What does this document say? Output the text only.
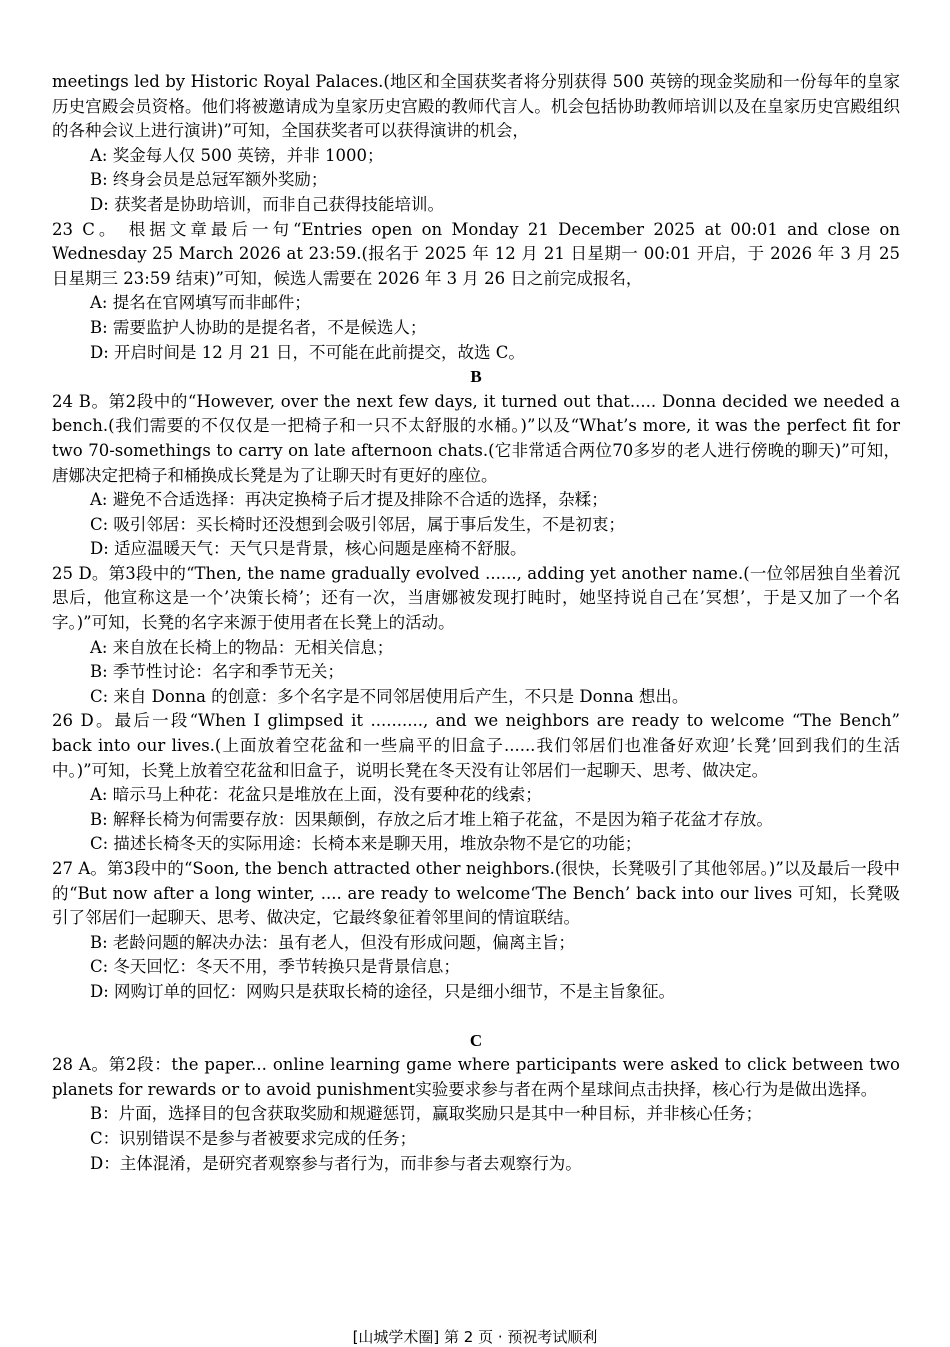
meetings led by Historic Royal Palaces.(地区和全国获奖者将分别获得 500 英镑的现金奖励和一份每年的皇家历史宫殿会员资格。他们将被邀请成为皇家历史宫殿的教师代言人。机会包括协助教师培训以及在皇家历史宫殿组织的各种会议上进行演讲)”可知，全国获奖者可以获得演讲的机会，

A: 奖金每人仅 500 英镑，并非 1000；

B: 终身会员是总冠军额外奖励；

D: 获奖者是协助培训，而非自己获得技能培训。

23 C。 根据文章最后一句“Entries open on Monday 21 December 2025 at 00:01 and close on Wednesday 25 March 2026 at 23:59.(报名于 2025 年 12 月 21 日星期一 00:01 开启，于 2026 年 3 月 25 日星期三 23:59 结束)”可知，候选人需要在 2026 年 3 月 26 日之前完成报名，

A: 提名在官网填写而非邮件；

B: 需要监护人协助的是提名者，不是候选人；

D: 开启时间是 12 月 21 日，不可能在此前提交，故选 C。

B

24 B。第2段中的“However, over the next few days, it turned out that..... Donna decided we needed a bench.(我们需要的不仅仅是一把椅子和一只不太舒服的水桶。)”以及“What’s more, it was the perfect fit for two 70-somethings to carry on late afternoon chats.(它非常适合两位70多岁的老人进行傍晚的聊天)”可知，唐娜决定把椅子和桶换成长凳是为了让聊天时有更好的座位。

A: 避免不合适选择：再决定换椅子后才提及排除不合适的选择，杂糅；

C: 吸引邻居：买长椅时还没想到会吸引邻居，属于事后发生，不是初衷；

D: 适应温暖天气：天气只是背景，核心问题是座椅不舒服。

25 D。第3段中的“Then, the name gradually evolved ......, adding yet another name.(一位邻居独自坐着沉思后，他宣称这是一个’决策长椅’；还有一次，当唐娜被发现打盹时，她坚持说自己在’冥想’，于是又加了一个名字。)”可知，长凳的名字来源于使用者在长凳上的活动。

A: 来自放在长椅上的物品：无相关信息；

B: 季节性讨论：名字和季节无关；

C: 来自 Donna 的创意：多个名字是不同邻居使用后产生，不只是 Donna 想出。

26 D。最后一段“When I glimpsed it .........., and we neighbors are ready to welcome “The Bench” back into our lives.(上面放着空花盆和一些扁平的旧盒子......我们邻居们也准备好欢迎’长凳’回到我们的生活中。)”可知，长凳上放着空花盆和旧盒子，说明长凳在冬天没有让邻居们一起聊天、思考、做决定。

A: 暗示马上种花：花盆只是堆放在上面，没有要种花的线索；

B: 解释长椅为何需要存放：因果颠倒，存放之后才堆上箱子花盆，不是因为箱子花盆才存放。

C: 描述长椅冬天的实际用途：长椅本来是聊天用，堆放杂物不是它的功能；

27 A。第3段中的“Soon, the bench attracted other neighbors.(很快，长凳吸引了其他邻居。)”以及最后一段中的“But now after a long winter, .... are ready to welcome‘The Bench’ back into our lives 可知，长凳吸引了邻居们一起聊天、思考、做决定，它最终象征着邻里间的情谊联结。

B: 老龄问题的解决办法：虽有老人，但没有形成问题，偏离主旨；

C: 冬天回忆：冬天不用，季节转换只是背景信息；

D: 网购订单的回忆：网购只是获取长椅的途径，只是细小细节，不是主旨象征。

C

28 A。第2段：the paper... online learning game where participants were asked to click between two planets for rewards or to avoid punishment实验要求参与者在两个星球间点击抉择，核心行为是做出选择。

B：片面，选择目的包含获取奖励和规避惩罚，赢取奖励只是其中一种目标，并非核心任务；

C：识别错误不是参与者被要求完成的任务；

D：主体混淆，是研究者观察参与者行为，而非参与者去观察行为。

[山城学术圈] 第 2 页 · 预祝考试顺利
